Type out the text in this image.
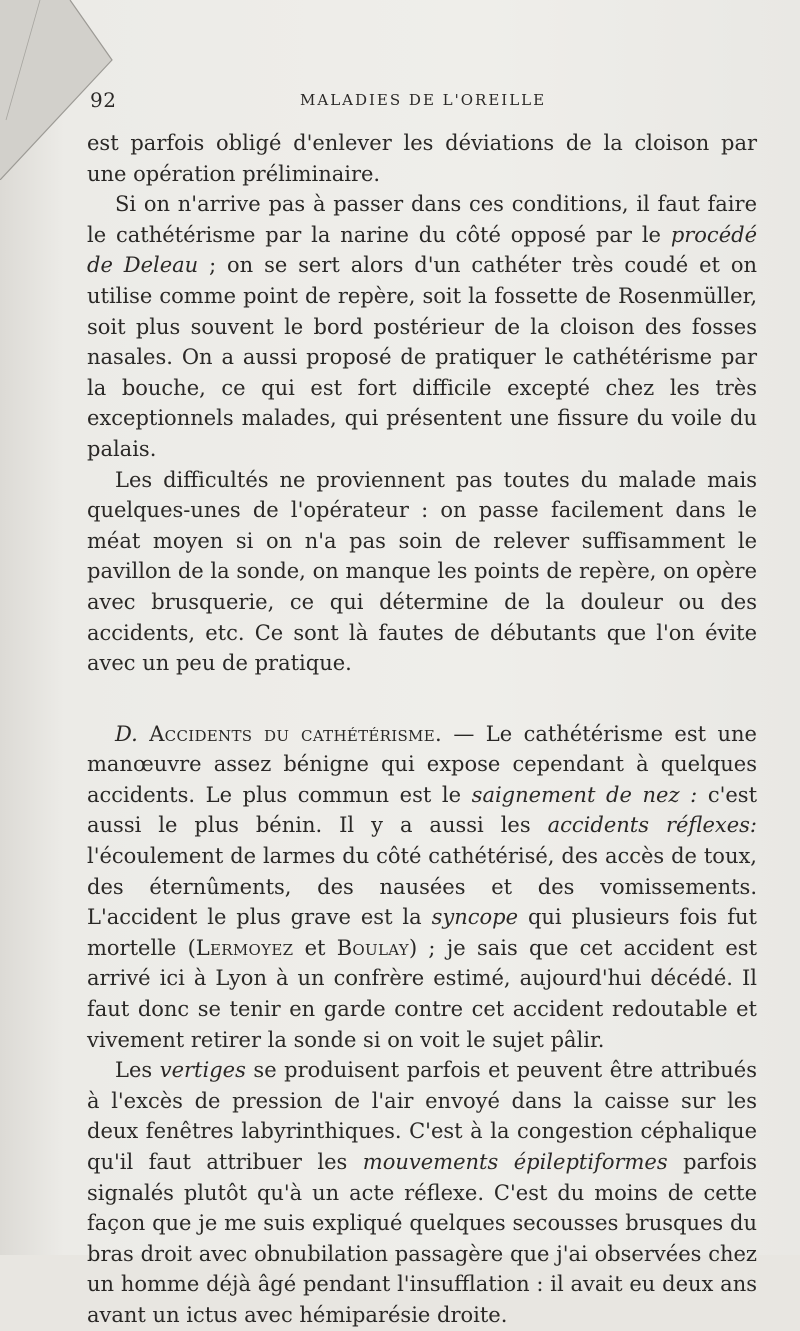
92	MALADIES DE L'OREILLE

est parfois obligé d'enlever les déviations de la cloison par une opération préliminaire.

Si on n'arrive pas à passer dans ces conditions, il faut faire le cathétérisme par la narine du côté opposé par le procédé de Deleau ; on se sert alors d'un cathéter très coudé et on utilise comme point de repère, soit la fossette de Rosenmüller, soit plus souvent le bord postérieur de la cloison des fosses nasales. On a aussi proposé de pratiquer le cathétérisme par la bouche, ce qui est fort difficile excepté chez les très exceptionnels malades, qui présentent une fissure du voile du palais.

Les difficultés ne proviennent pas toutes du malade mais quelques-unes de l'opérateur : on passe facilement dans le méat moyen si on n'a pas soin de relever suffisamment le pavillon de la sonde, on manque les points de repère, on opère avec brusquerie, ce qui détermine de la douleur ou des accidents, etc. Ce sont là fautes de débutants que l'on évite avec un peu de pratique.

D. Accidents du cathétérisme. — Le cathétérisme est une manœuvre assez bénigne qui expose cependant à quelques accidents. Le plus commun est le saignement de nez : c'est aussi le plus bénin. Il y a aussi les accidents réflexes: l'écoulement de larmes du côté cathétérisé, des accès de toux, des éternûments, des nausées et des vomissements. L'accident le plus grave est la syncope qui plusieurs fois fut mortelle (Lermoyez et Boulay) ; je sais que cet accident est arrivé ici à Lyon à un confrère estimé, aujourd'hui décédé. Il faut donc se tenir en garde contre cet accident redoutable et vivement retirer la sonde si on voit le sujet pâlir.

Les vertiges se produisent parfois et peuvent être attribués à l'excès de pression de l'air envoyé dans la caisse sur les deux fenêtres labyrinthiques. C'est à la congestion céphalique qu'il faut attribuer les mouvements épileptiformes parfois signalés plutôt qu'à un acte réflexe. C'est du moins de cette façon que je me suis expliqué quelques secousses brusques du bras droit avec obnubilation passagère que j'ai observées chez un homme déjà âgé pendant l'insufflation : il avait eu deux ans avant un ictus avec hémiparésie droite.
